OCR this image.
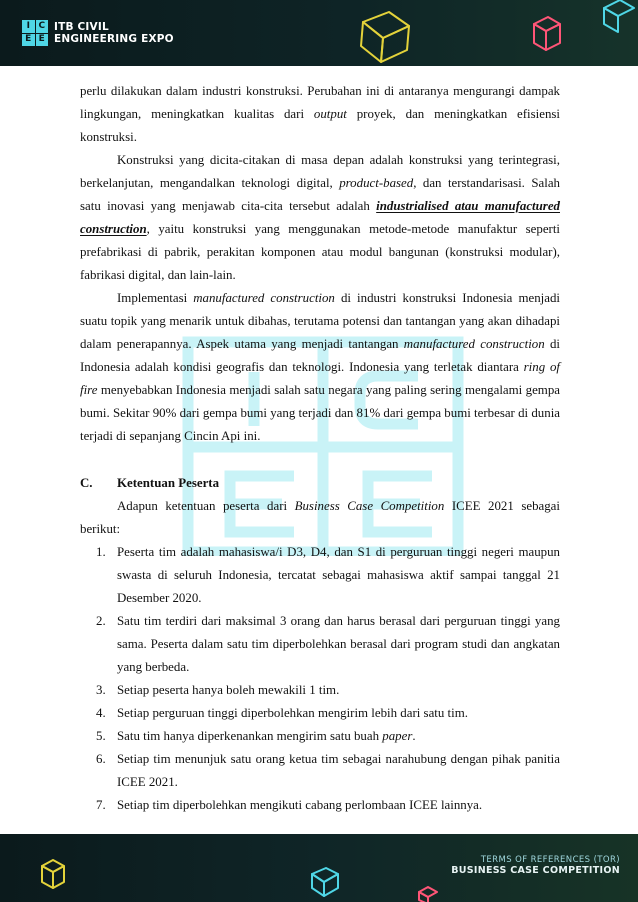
I C
E E
ITB CIVIL
ENGINEERING EXPO

perlu dilakukan dalam industri konstruksi. Perubahan ini di antaranya mengurangi dampak lingkungan, meningkatkan kualitas dari output proyek, dan meningkatkan efisiensi konstruksi.

Konstruksi yang dicita-citakan di masa depan adalah konstruksi yang terintegrasi, berkelanjutan, mengandalkan teknologi digital, product-based, dan terstandarisasi. Salah satu inovasi yang menjawab cita-cita tersebut adalah industrialised atau manufactured construction, yaitu konstruksi yang menggunakan metode-metode manufaktur seperti prefabrikasi di pabrik, perakitan komponen atau modul bangunan (konstruksi modular), fabrikasi digital, dan lain-lain.

Implementasi manufactured construction di industri konstruksi Indonesia menjadi suatu topik yang menarik untuk dibahas, terutama potensi dan tantangan yang akan dihadapi dalam penerapannya. Aspek utama yang menjadi tantangan manufactured construction di Indonesia adalah kondisi geografis dan teknologi. Indonesia yang terletak diantara ring of fire menyebabkan Indonesia menjadi salah satu negara yang paling sering mengalami gempa bumi. Sekitar 90% dari gempa bumi yang terjadi dan 81% dari gempa bumi terbesar di dunia terjadi di sepanjang Cincin Api ini.

C.	Ketentuan Peserta

Adapun ketentuan peserta dari Business Case Competition ICEE 2021 sebagai berikut:

1. Peserta tim adalah mahasiswa/i D3, D4, dan S1 di perguruan tinggi negeri maupun swasta di seluruh Indonesia, tercatat sebagai mahasiswa aktif sampai tanggal 21 Desember 2020.
2. Satu tim terdiri dari maksimal 3 orang dan harus berasal dari perguruan tinggi yang sama. Peserta dalam satu tim diperbolehkan berasal dari program studi dan angkatan yang berbeda.
3. Setiap peserta hanya boleh mewakili 1 tim.
4. Setiap perguruan tinggi diperbolehkan mengirim lebih dari satu tim.
5. Satu tim hanya diperkenankan mengirim satu buah paper.
6. Setiap tim menunjuk satu orang ketua tim sebagai narahubung dengan pihak panitia ICEE 2021.
7. Setiap tim diperbolehkan mengikuti cabang perlombaan ICEE lainnya.
TERMS OF REFERENCES (TOR)
BUSINESS CASE COMPETITION
